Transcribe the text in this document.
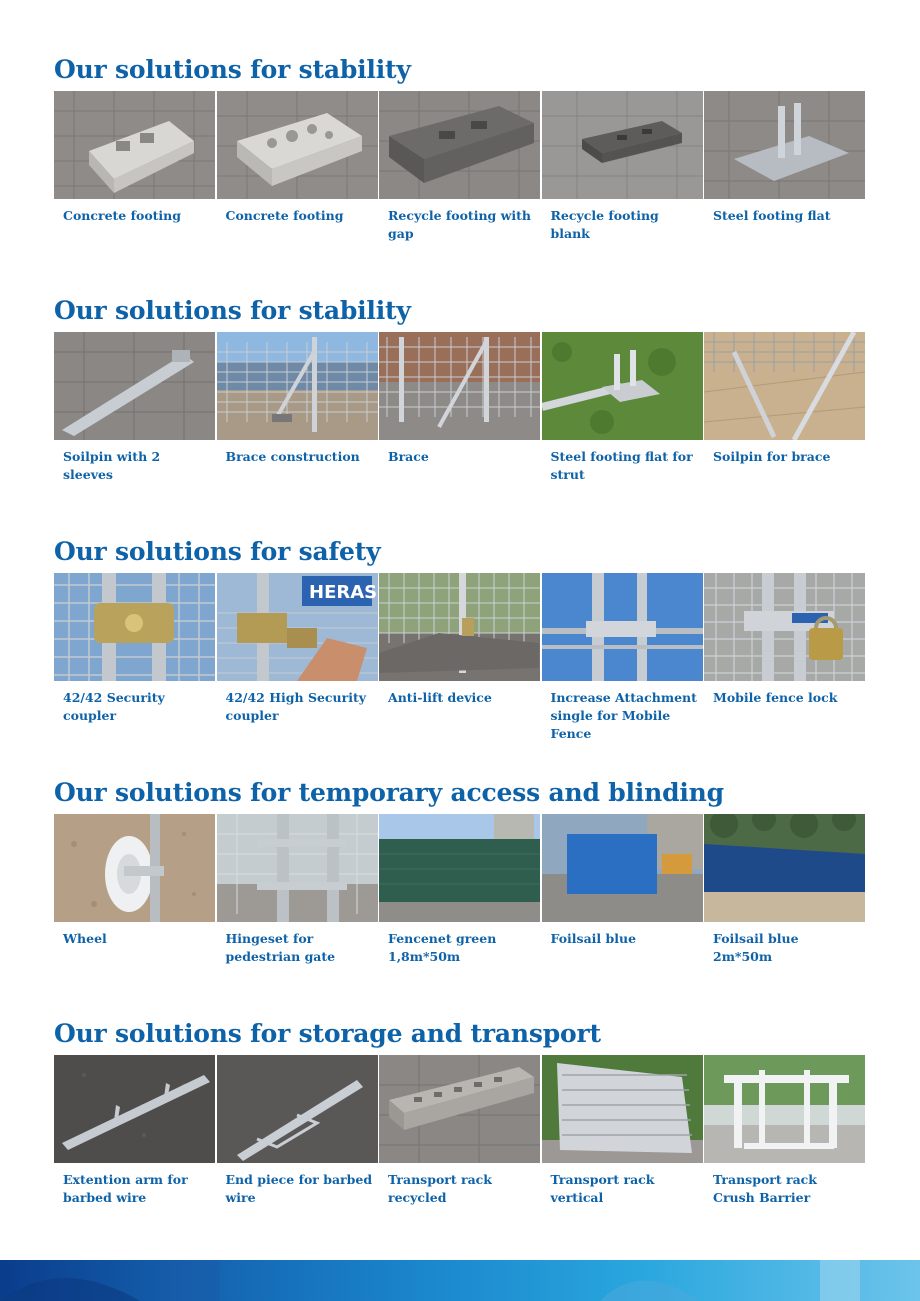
Our solutions for stability
Concrete footing	Concrete footing	Recycle footing with gap
Recycle footing blank
Steel footing flat
Our solutions for stability
Soilpin with 2 sleeves
Brace construction	Brace	Steel footing flat for strut
Soilpin for brace
Our solutions for safety
HERAS
42/42 Security coupler
42/42 High Security coupler
Anti-lift device	Increase Attachment single for Mobile Fence
Mobile fence lock
Our solutions for temporary access and blinding
Wheel	Hingeset for pedestrian gate
Fencenet green 1,8m*50m
Foilsail blue	Foilsail blue 2m*50m
Our solutions for storage and transport
Extention arm for barbed wire
End piece for barbed wire
Transport rack recycled
Transport rack vertical
Transport rack Crush Barrier
